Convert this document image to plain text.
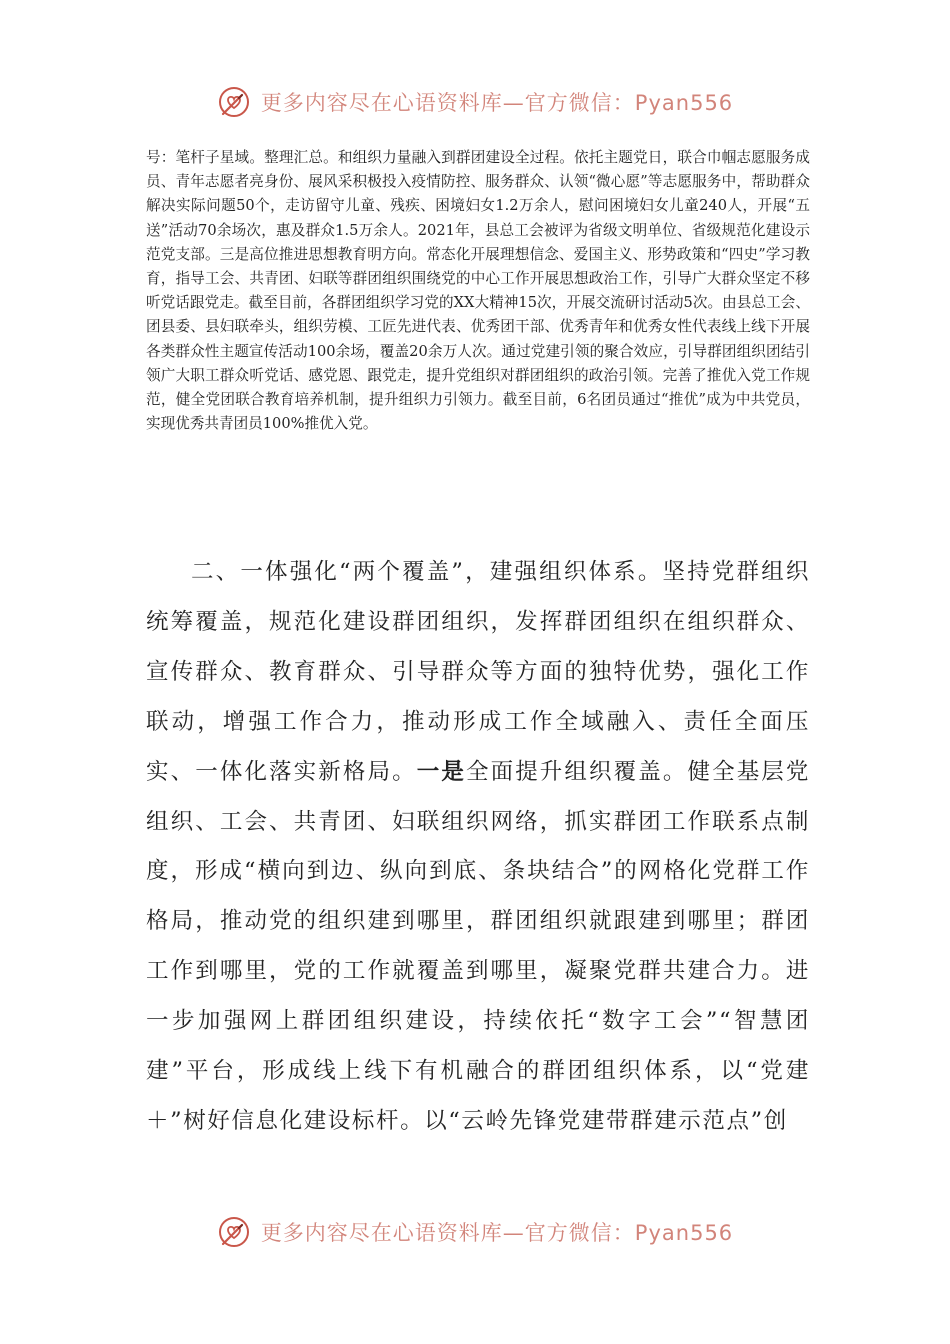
更多内容尽在心语资料库—官方微信：Pyan556

号：笔杆子星域。整理汇总。和组织力量融入到群团建设全过程。依托主题党日，联合巾帼志愿服务成员、青年志愿者亮身份、展风采积极投入疫情防控、服务群众、认领“微心愿”等志愿服务中，帮助群众解决实际问题50个，走访留守儿童、残疾、困境妇女1.2万余人，慰问困境妇女儿童240人，开展“五送”活动70余场次，惠及群众1.5万余人。2021年，县总工会被评为省级文明单位、省级规范化建设示范党支部。三是高位推进思想教育明方向。常态化开展理想信念、爱国主义、形势政策和“四史”学习教育，指导工会、共青团、妇联等群团组织围绕党的中心工作开展思想政治工作，引导广大群众坚定不移听党话跟党走。截至目前，各群团组织学习党的XX大精神15次，开展交流研讨活动5次。由县总工会、团县委、县妇联牵头，组织劳模、工匠先进代表、优秀团干部、优秀青年和优秀女性代表线上线下开展各类群众性主题宣传活动100余场，覆盖20余万人次。通过党建引领的聚合效应，引导群团组织团结引领广大职工群众听党话、感党恩、跟党走，提升党组织对群团组织的政治引领。完善了推优入党工作规范，健全党团联合教育培养机制，提升组织力引领力。截至目前，6名团员通过“推优”成为中共党员，实现优秀共青团员100%推优入党。

二、一体强化“两个覆盖”，建强组织体系。坚持党群组织统筹覆盖，规范化建设群团组织，发挥群团组织在组织群众、宣传群众、教育群众、引导群众等方面的独特优势，强化工作联动，增强工作合力，推动形成工作全域融入、责任全面压实、一体化落实新格局。一是全面提升组织覆盖。健全基层党组织、工会、共青团、妇联组织网络，抓实群团工作联系点制度，形成“横向到边、纵向到底、条块结合”的网格化党群工作格局，推动党的组织建到哪里，群团组织就跟建到哪里；群团工作到哪里，党的工作就覆盖到哪里，凝聚党群共建合力。进一步加强网上群团组织建设，持续依托“数字工会”“智慧团建”平台，形成线上线下有机融合的群团组织体系，以“党建＋”树好信息化建设标杆。以“云岭先锋党建带群建示范点”创

更多内容尽在心语资料库—官方微信：Pyan556
